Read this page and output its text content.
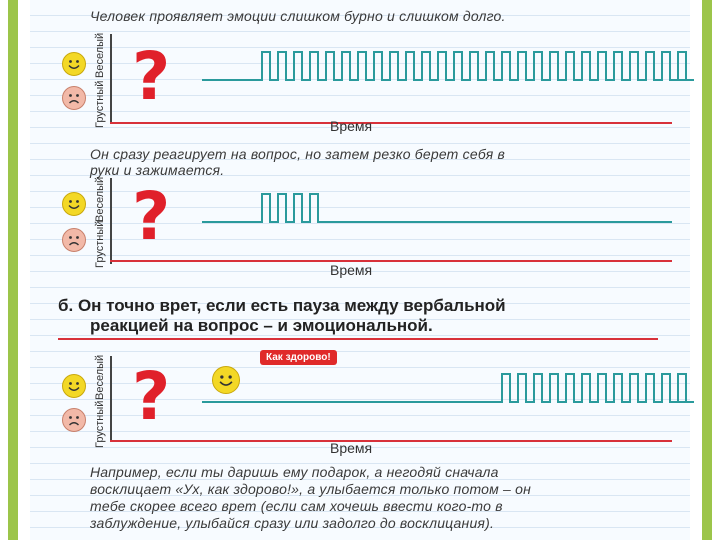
Человек проявляет эмоции слишком бурно и слишком долго.
Веселый
Грустный ?
Время
Он сразу реагирует на вопрос, но затем резко берет себя в
руки и зажимается.
Веселый
Грустный ?
Время
б. Он точно врет, если есть пауза между вербальной
реакцией на вопрос – и эмоциональной.
Веселый
Грустный ?
Как здорово!
Время
Например, если ты даришь ему подарок, а негодяй сначала
восклицает «Ух, как здорово!», а улыбается только потом – он
тебе скорее всего врет (если сам хочешь ввести кого-то в
заблуждение, улыбайся сразу или задолго до восклицания).
